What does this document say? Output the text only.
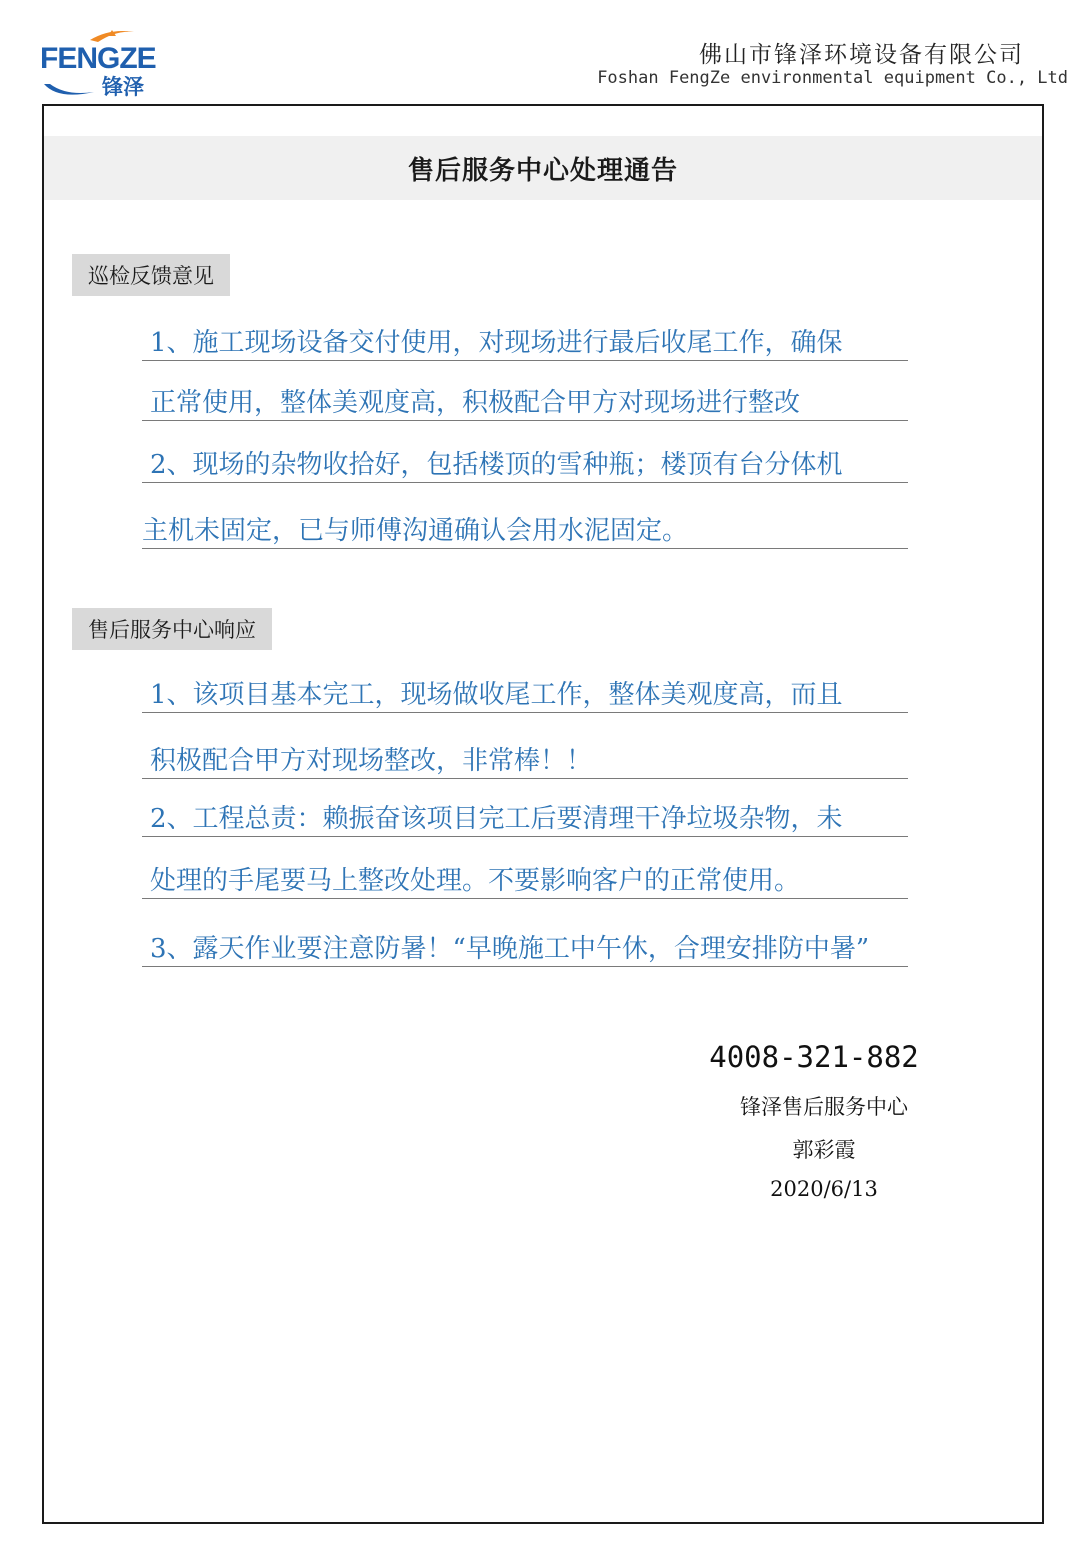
FENGZE
锋泽
佛山市锋泽环境设备有限公司
Foshan FengZe environmental equipment Co., Ltd
售后服务中心处理通告
巡检反馈意见
1、施工现场设备交付使用，对现场进行最后收尾工作，确保
正常使用，整体美观度高，积极配合甲方对现场进行整改
2、现场的杂物收拾好，包括楼顶的雪种瓶；楼顶有台分体机
主机未固定，已与师傅沟通确认会用水泥固定。
售后服务中心响应
1、该项目基本完工，现场做收尾工作，整体美观度高，而且
积极配合甲方对现场整改，非常棒！！
2、工程总责：赖振奋该项目完工后要清理干净垃圾杂物，未
处理的手尾要马上整改处理。不要影响客户的正常使用。
3、露天作业要注意防暑！“早晚施工中午休，合理安排防中暑”
4008-321-882
锋泽售后服务中心
郭彩霞
2020/6/13
